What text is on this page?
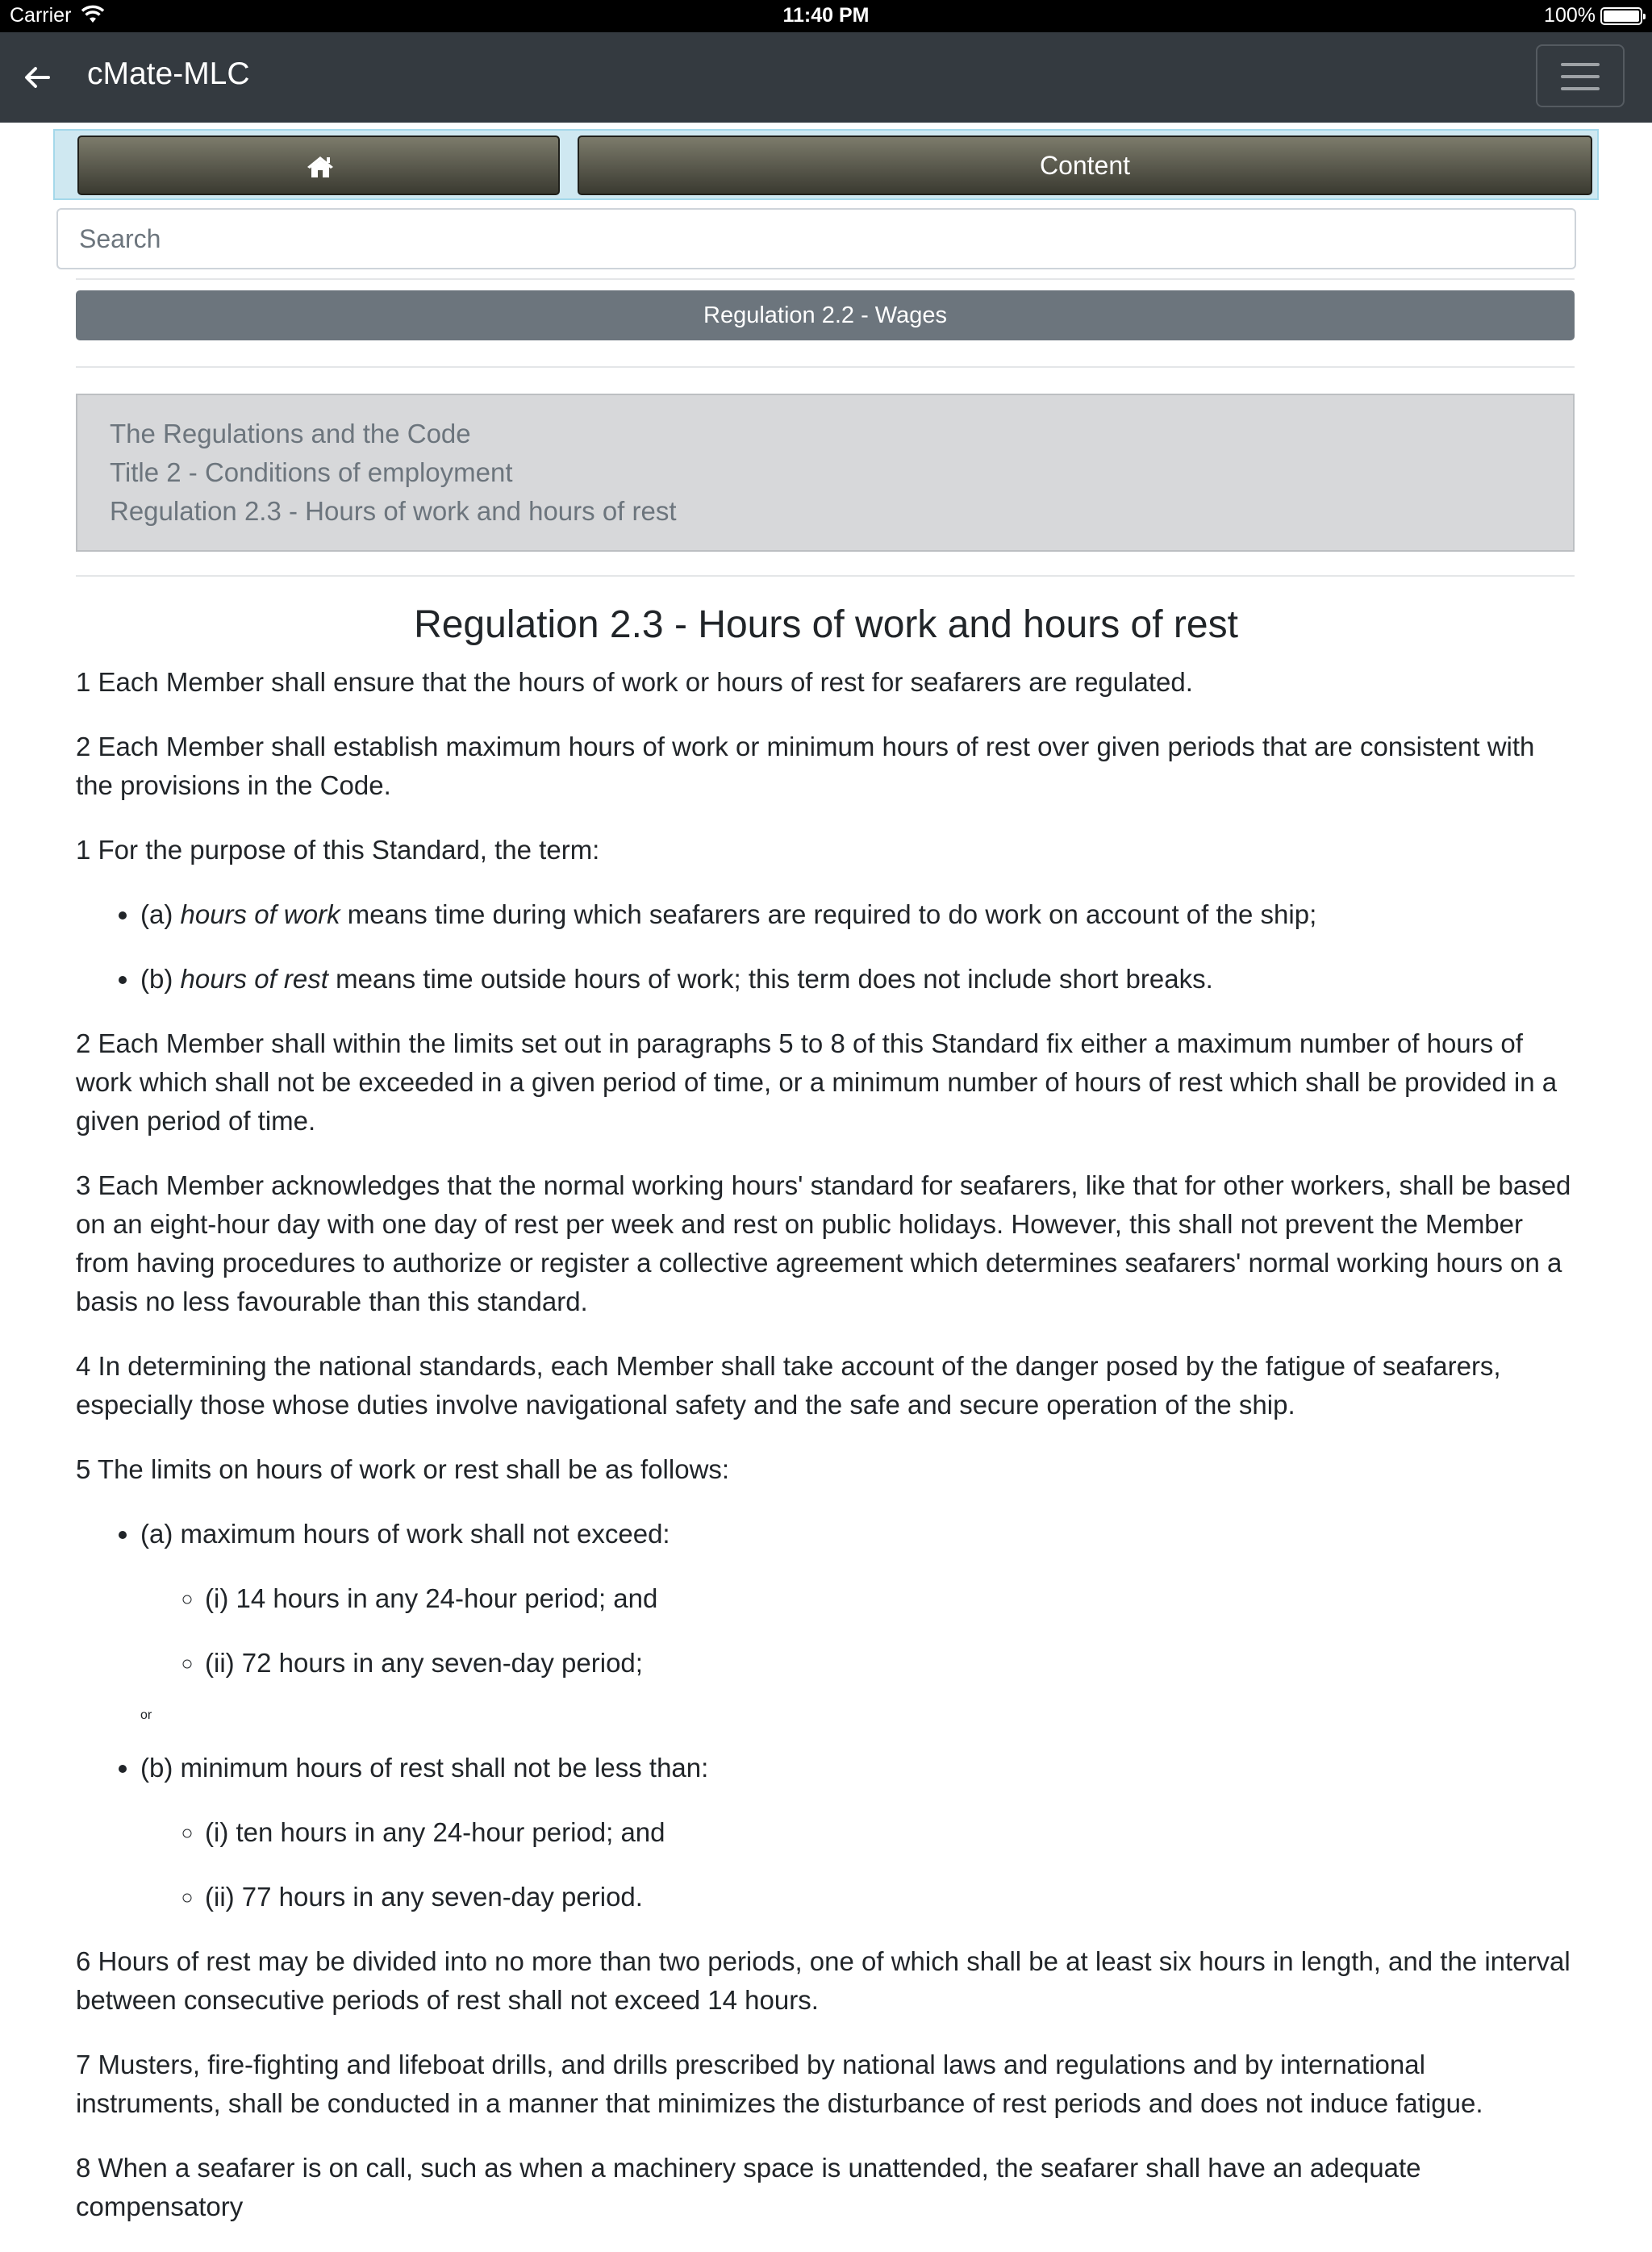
Carrier	11:40 PM	100%
cMate-MLC
Content
Search
Regulation 2.2 - Wages
The Regulations and the Code
Title 2 - Conditions of employment
Regulation 2.3 - Hours of work and hours of rest
Regulation 2.3 - Hours of work and hours of rest

1 Each Member shall ensure that the hours of work or hours of rest for seafarers are regulated.

2 Each Member shall establish maximum hours of work or minimum hours of rest over given periods that are consistent with the provisions in the Code.

1 For the purpose of this Standard, the term:

• (a) hours of work means time during which seafarers are required to do work on account of the ship;
• (b) hours of rest means time outside hours of work; this term does not include short breaks.

2 Each Member shall within the limits set out in paragraphs 5 to 8 of this Standard fix either a maximum number of hours of work which shall not be exceeded in a given period of time, or a minimum number of hours of rest which shall be provided in a given period of time.

3 Each Member acknowledges that the normal working hours' standard for seafarers, like that for other workers, shall be based on an eight-hour day with one day of rest per week and rest on public holidays. However, this shall not prevent the Member from having procedures to authorize or register a collective agreement which determines seafarers' normal working hours on a basis no less favourable than this standard.

4 In determining the national standards, each Member shall take account of the danger posed by the fatigue of seafarers, especially those whose duties involve navigational safety and the safe and secure operation of the ship.

5 The limits on hours of work or rest shall be as follows:

• (a) maximum hours of work shall not exceed:
◦ (i) 14 hours in any 24-hour period; and
◦ (ii) 72 hours in any seven-day period;
or
• (b) minimum hours of rest shall not be less than:
◦ (i) ten hours in any 24-hour period; and
◦ (ii) 77 hours in any seven-day period.

6 Hours of rest may be divided into no more than two periods, one of which shall be at least six hours in length, and the interval between consecutive periods of rest shall not exceed 14 hours.

7 Musters, fire-fighting and lifeboat drills, and drills prescribed by national laws and regulations and by international instruments, shall be conducted in a manner that minimizes the disturbance of rest periods and does not induce fatigue.

8 When a seafarer is on call, such as when a machinery space is unattended, the seafarer shall have an adequate compensatory
